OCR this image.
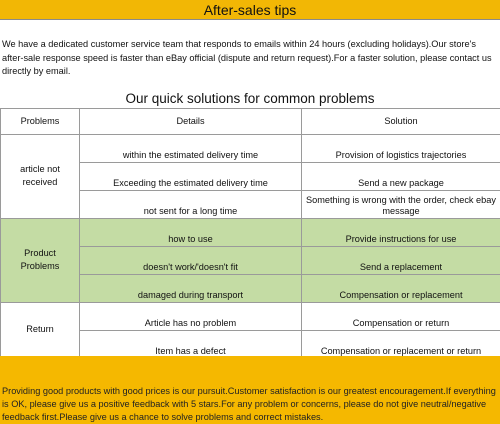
After-sales tips

We have a dedicated customer service team that responds to emails within 24 hours (excluding holidays).Our store's after-sale response speed is faster than eBay official (dispute and return request).For a faster solution, please contact us directly by email.

Our quick solutions for common problems
Problems	Details	Solution
article not received	within the estimated delivery time	Provision of logistics trajectories
	Exceeding the estimated delivery time	Send a new package
	not sent for a long time	Something is wrong with the order, check ebay message
Product Problems	how to use	Provide instructions for use
	doesn't work/'doesn't fit	Send a replacement
	damaged during transport	Compensation or replacement
Return	Article has no problem	Compensation or return
	Item has a defect	Compensation or replacement or return

Providing good products with good prices is our pursuit.Customer satisfaction is our greatest encouragement.If everything is OK, please give us a positive feedback with 5 stars.For any problem or concerns, please do not give neutral/negative feedback first.Please give us a chance to solve problems and correct mistakes.
